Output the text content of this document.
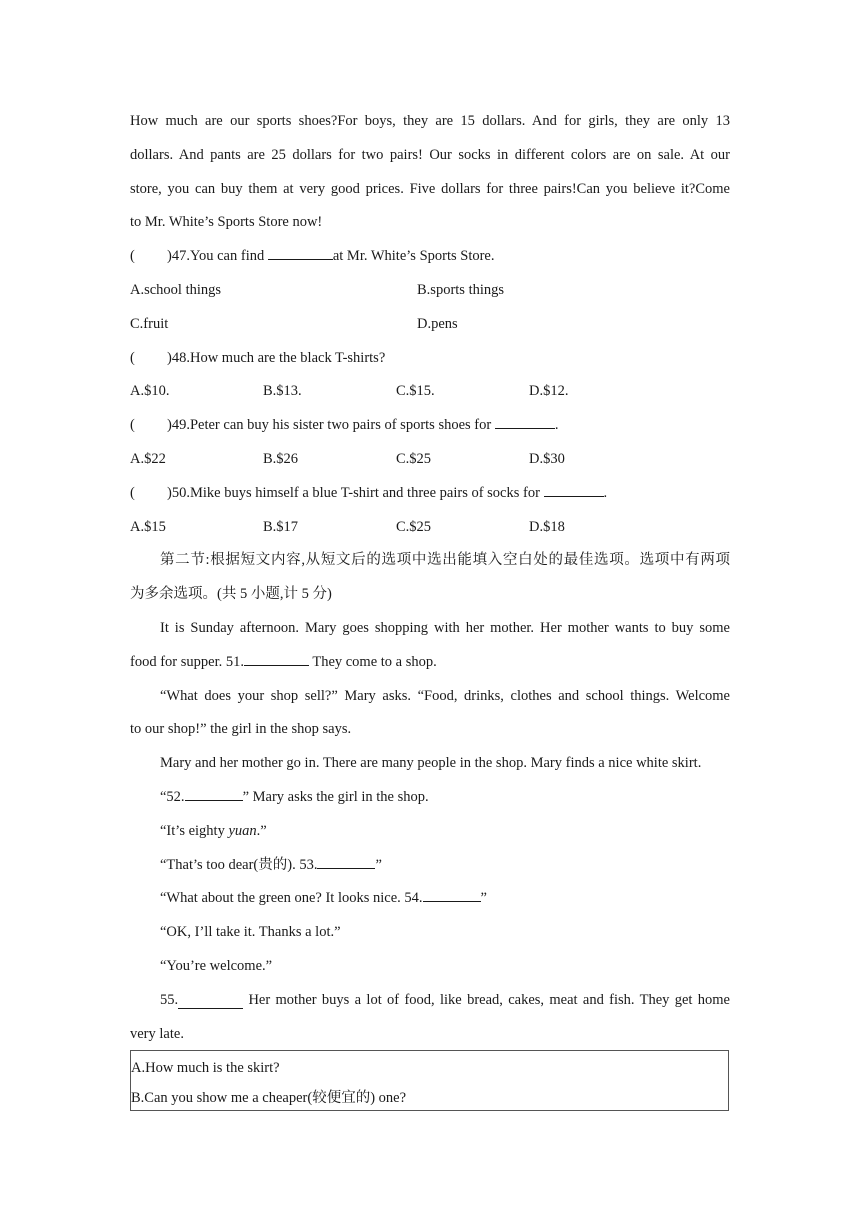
How much are our sports shoes?For boys, they are 15 dollars. And for girls, they are only 13
dollars. And pants are 25 dollars for two pairs! Our socks in different colors are on sale. At our
store, you can buy them at very good prices. Five dollars for three pairs!Can you believe it?Come
to Mr. White’s Sports Store now!
( )47.You can find	at Mr. White’s Sports Store.
A.school things	B.sports things
C.fruit	D.pens
( )48.How much are the black T-shirts?
A.$10.	B.$13.	C.$15.	D.$12.
( )49.Peter can buy his sister two pairs of sports shoes for	.
A.$22	B.$26	C.$25	D.$30
( )50.Mike buys himself a blue T-shirt and three pairs of socks for	.
A.$15	B.$17	C.$25	D.$18
第二节:根据短文内容,从短文后的选项中选出能填入空白处的最佳选项。选项中有两项
为多余选项。(共 5 小题,计 5 分)
It is Sunday afternoon. Mary goes shopping with her mother. Her mother wants to buy some
food for supper. 51.	They come to a shop.
“What does your shop sell?” Mary asks. “Food, drinks, clothes and school things. Welcome
to our shop!” the girl in the shop says.
Mary and her mother go in. There are many people in the shop. Mary finds a nice white skirt.
“52.	” Mary asks the girl in the shop.
“It’s eighty yuan.”
“That’s too dear(贵的). 53.	”
“What about the green one? It looks nice. 54.	”
“OK, I’ll take it. Thanks a lot.”
“You’re welcome.”
55.	Her mother buys a lot of food, like bread, cakes, meat and fish. They get home
very late.
A.How much is the skirt?
B.Can you show me a cheaper(较便宜的) one?
